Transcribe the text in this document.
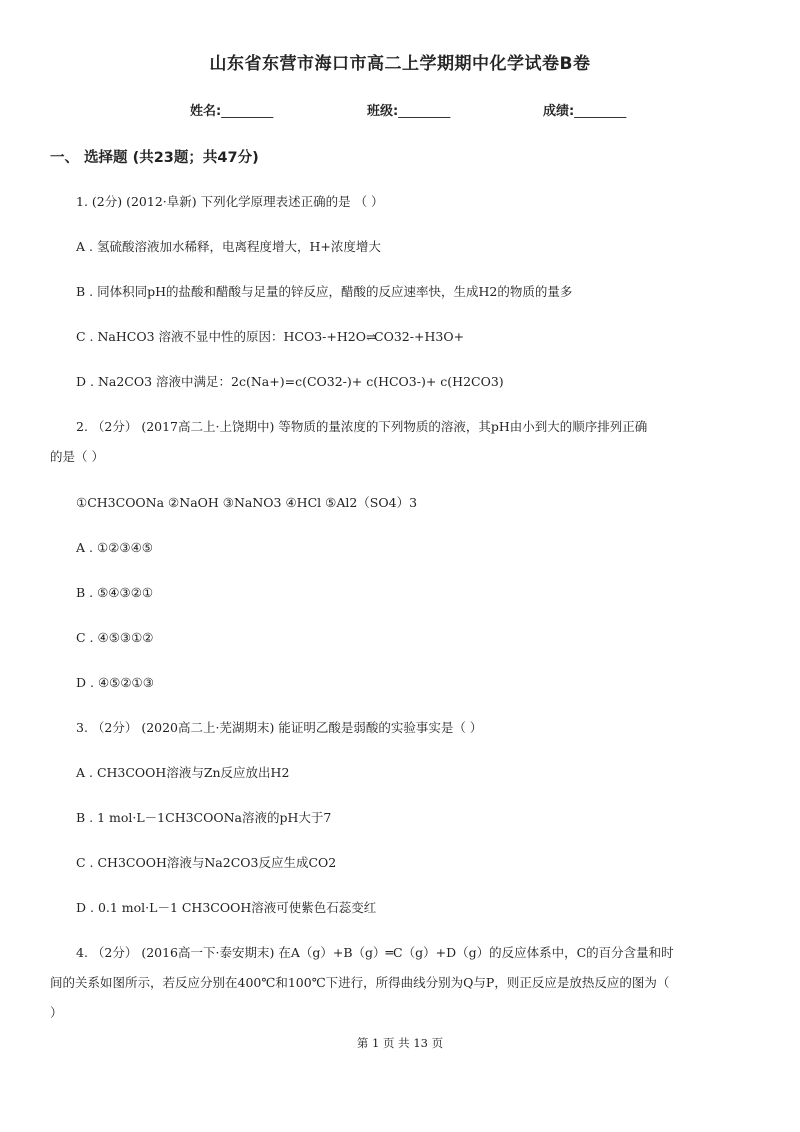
山东省东营市海口市高二上学期期中化学试卷B卷
姓名:________	班级:________	成绩:________
一、 选择题 (共23题；共47分)
1. (2分) (2012·阜新) 下列化学原理表述正确的是 （ ）
A . 氢硫酸溶液加水稀释，电离程度增大，H+浓度增大
B . 同体积同pH的盐酸和醋酸与足量的锌反应，醋酸的反应速率快，生成H2的物质的量多
C . NaHCO3 溶液不显中性的原因：HCO3-+H2O⇌CO32-+H3O+
D . Na2CO3 溶液中满足：2c(Na+)=c(CO32-)+ c(HCO3-)+ c(H2CO3)
2. （2分） (2017高二上·上饶期中) 等物质的量浓度的下列物质的溶液，其pH由小到大的顺序排列正确
的是（ ）
①CH3COONa ②NaOH ③NaNO3 ④HCl ⑤Al2（SO4）3
A . ①②③④⑤
B . ⑤④③②①
C . ④⑤③①②
D . ④⑤②①③
3. （2分） (2020高二上·芜湖期末) 能证明乙酸是弱酸的实验事实是（ ）
A . CH3COOH溶液与Zn反应放出H2
B . 1 mol·L－1CH3COONa溶液的pH大于7
C . CH3COOH溶液与Na2CO3反应生成CO2
D . 0.1 mol·L－1 CH3COOH溶液可使紫色石蕊变红
4. （2分） (2016高一下·泰安期末) 在A（g）+B（g）═C（g）+D（g）的反应体系中，C的百分含量和时
间的关系如图所示，若反应分别在400℃和100℃下进行，所得曲线分别为Q与P，则正反应是放热反应的图为（
）
第 1 页 共 13 页
